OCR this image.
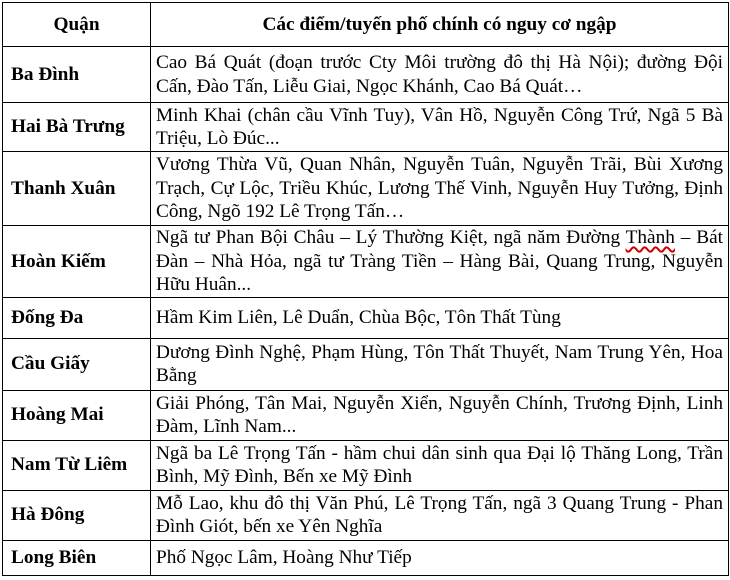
Quận	Các điểm/tuyến phố chính có nguy cơ ngập
Ba Đình	Cao Bá Quát (đoạn trước Cty Môi trường đô thị Hà Nội); đường Đội Cấn, Đào Tấn, Liễu Giai, Ngọc Khánh, Cao Bá Quát…
Hai Bà Trưng	Minh Khai (chân cầu Vĩnh Tuy), Vân Hồ, Nguyễn Công Trứ, Ngã 5 Bà Triệu, Lò Đúc...
Thanh Xuân	Vương Thừa Vũ, Quan Nhân, Nguyễn Tuân, Nguyễn Trãi, Bùi Xương Trạch, Cự Lộc, Triều Khúc, Lương Thế Vinh, Nguyễn Huy Tưởng, Định Công, Ngõ 192 Lê Trọng Tấn…
Hoàn Kiếm	Ngã tư Phan Bội Châu – Lý Thường Kiệt, ngã năm Đường Thành – Bát Đàn – Nhà Hỏa, ngã tư Tràng Tiền – Hàng Bài, Quang Trung, Nguyễn Hữu Huân...
Đống Đa	Hầm Kim Liên, Lê Duẩn, Chùa Bộc, Tôn Thất Tùng
Cầu Giấy	Dương Đình Nghệ, Phạm Hùng, Tôn Thất Thuyết, Nam Trung Yên, Hoa Bằng
Hoàng Mai	Giải Phóng, Tân Mai, Nguyễn Xiển, Nguyễn Chính, Trương Định, Linh Đàm, Lĩnh Nam...
Nam Từ Liêm	Ngã ba Lê Trọng Tấn - hầm chui dân sinh qua Đại lộ Thăng Long, Trần Bình, Mỹ Đình, Bến xe Mỹ Đình
Hà Đông	Mỗ Lao, khu đô thị Văn Phú, Lê Trọng Tấn, ngã 3 Quang Trung - Phan Đình Giót, bến xe Yên Nghĩa
Long Biên	Phố Ngọc Lâm, Hoàng Như Tiếp
